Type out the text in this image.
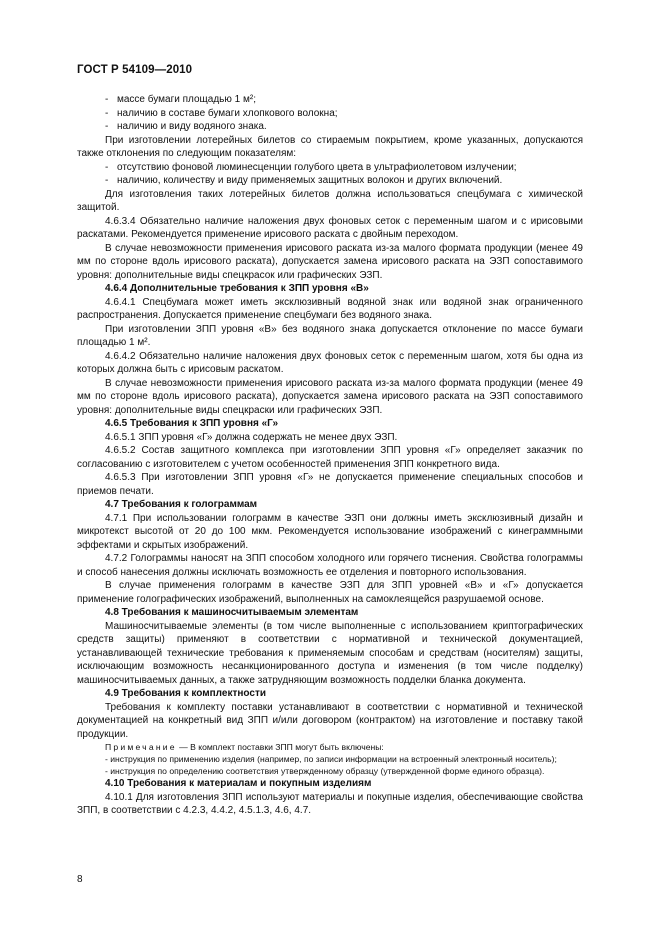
ГОСТ Р 54109—2010

- массе бумаги площадью 1 м²;

- наличию в составе бумаги хлопкового волокна;

- наличию и виду водяного знака.

При изготовлении лотерейных билетов со стираемым покрытием, кроме указанных, допускаются также отклонения по следующим показателям:

- отсутствию фоновой люминесценции голубого цвета в ультрафиолетовом излучении;

- наличию, количеству и виду применяемых защитных волокон и других включений.

Для изготовления таких лотерейных билетов должна использоваться спецбумага с химической защитой.

4.6.3.4 Обязательно наличие наложения двух фоновых сеток с переменным шагом и с ирисовыми раскатами. Рекомендуется применение ирисового раската с двойным переходом.

В случае невозможности применения ирисового раската из-за малого формата продукции (менее 49 мм по стороне вдоль ирисового раската), допускается замена ирисового раската на ЭЗП сопоставимого уровня: дополнительные виды спецкрасок или графических ЭЗП.

4.6.4 Дополнительные требования к ЗПП уровня «В»

4.6.4.1 Спецбумага может иметь эксклюзивный водяной знак или водяной знак ограниченного распространения. Допускается применение спецбумаги без водяного знака.

При изготовлении ЗПП уровня «В» без водяного знака допускается отклонение по массе бумаги площадью 1 м².

4.6.4.2 Обязательно наличие наложения двух фоновых сеток с переменным шагом, хотя бы одна из которых должна быть с ирисовым раскатом.

В случае невозможности применения ирисового раската из-за малого формата продукции (менее 49 мм по стороне вдоль ирисового раската), допускается замена ирисового раската на ЭЗП сопоставимого уровня: дополнительные виды спецкраски или графических ЭЗП.

4.6.5 Требования к ЗПП уровня «Г»

4.6.5.1 ЗПП уровня «Г» должна содержать не менее двух ЭЗП.

4.6.5.2 Состав защитного комплекса при изготовлении ЗПП уровня «Г» определяет заказчик по согласованию с изготовителем с учетом особенностей применения ЗПП конкретного вида.

4.6.5.3 При изготовлении ЗПП уровня «Г» не допускается применение специальных способов и приемов печати.

4.7 Требования к голограммам

4.7.1 При использовании голограмм в качестве ЭЗП они должны иметь эксклюзивный дизайн и микротекст высотой от 20 до 100 мкм. Рекомендуется использование изображений с кинеграммными эффектами и скрытых изображений.

4.7.2 Голограммы наносят на ЗПП способом холодного или горячего тиснения. Свойства голограммы и способ нанесения должны исключать возможность ее отделения и повторного использования.

В случае применения голограмм в качестве ЭЗП для ЗПП уровней «В» и «Г» допускается применение голографических изображений, выполненных на самоклеящейся разрушаемой основе.

4.8 Требования к машиносчитываемым элементам

Машиносчитываемые элементы (в том числе выполненные с использованием криптографических средств защиты) применяют в соответствии с нормативной и технической документацией, устанавливающей технические требования к применяемым способам и средствам (носителям) защиты, исключающим возможность несанкционированного доступа и изменения (в том числе подделку) машиносчитываемых данных, а также затрудняющим возможность подделки бланка документа.

4.9 Требования к комплектности

Требования к комплекту поставки устанавливают в соответствии с нормативной и технической документацией на конкретный вид ЗПП и/или договором (контрактом) на изготовление и поставку такой продукции.

Примечание — В комплект поставки ЗПП могут быть включены:

- инструкция по применению изделия (например, по записи информации на встроенный электронный носитель);

- инструкция по определению соответствия утвержденному образцу (утвержденной форме единого образца).

4.10 Требования к материалам и покупным изделиям

4.10.1 Для изготовления ЗПП используют материалы и покупные изделия, обеспечивающие свойства ЗПП, в соответствии с 4.2.3, 4.4.2, 4.5.1.3, 4.6, 4.7.

8
